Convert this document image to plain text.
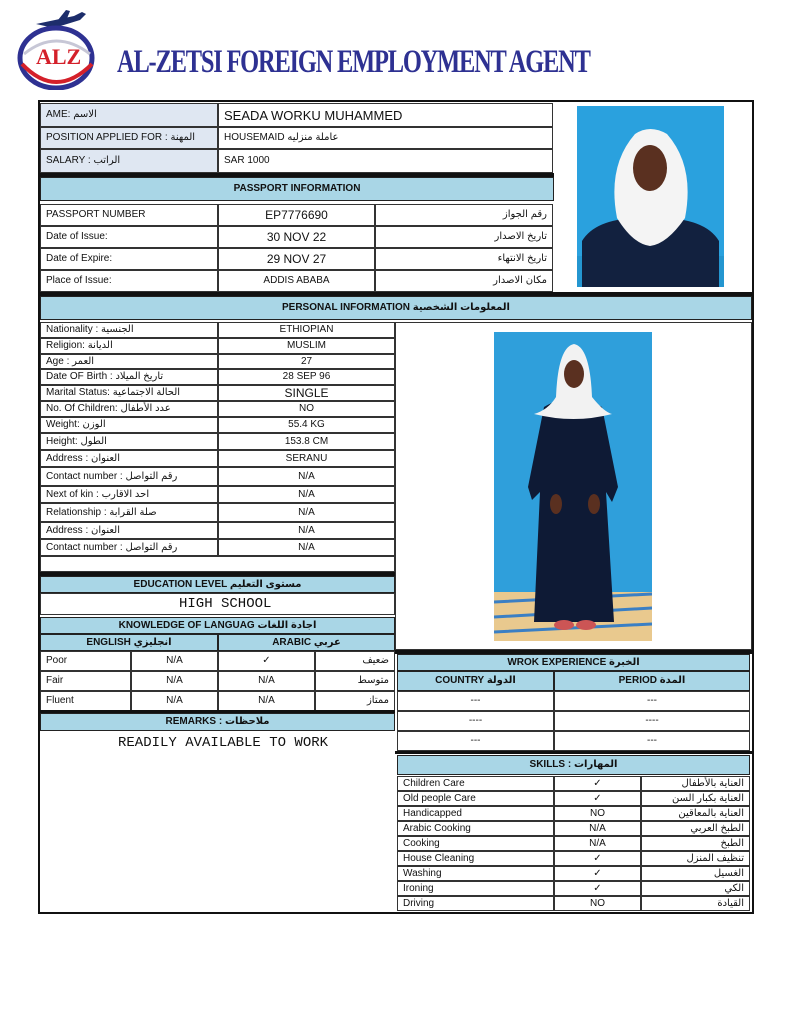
ALZ AL-ZETSI FOREIGN EMPLOYMENT AGENT
AME: الاسم	SEADA WORKU MUHAMMED
POSITION APPLIED FOR : المهنة	HOUSEMAID عاملة منزليه
SALARY : الراتب	SAR 1000
PASSPORT INFORMATION
PASSPORT NUMBER	EP7776690	رقم الجواز
Date of Issue:	30 NOV 22	تاريخ الاصدار
Date of Expire:	29 NOV 27	تاريخ الانتهاء
Place of Issue:	ADDIS ABABA	مكان الاصدار
PERSONAL INFORMATION المعلومات الشخصية
Nationality : الجنسية	ETHIOPIAN
Religion: الديانة	MUSLIM
Age : العمر	27
Date OF Birth : تاريخ الميلاد	28 SEP 96
Marital Status: الحالة الاجتماعية	SINGLE
No. Of Children: عدد الأطفال	NO
Weight: الوزن	55.4 KG
Height: الطول	153.8 CM
Address : العنوان	SERANU
Contact number : رقم التواصل	N/A
Next of kin : احد الاقارب	N/A
Relationship : صلة القرابة	N/A
Address : العنوان	N/A
Contact number : رقم التواصل	N/A
EDUCATION LEVEL مستوى التعليم
HIGH SCHOOL
KNOWLEDGE OF LANGUAG اجادة اللغات
ENGLISH انجليزي	ARABIC عربي
Poor	N/A	✓	ضعيف
Fair	N/A	N/A	متوسط
Fluent	N/A	N/A	ممتاز
REMARKS : ملاحظات
READILY AVAILABLE TO WORK
WROK EXPERIENCE الخبرة
COUNTRY الدولة	PERIOD المدة
---	---
----	----
---	---
SKILLS : المهارات
Children Care	✓	العناية بالأطفال
Old people Care	✓	العناية بكبار السن
Handicapped	NO	العناية بالمعاقين
Arabic Cooking	N/A	الطبخ العربي
Cooking	N/A	الطبخ
House Cleaning	✓	تنظيف المنزل
Washing	✓	الغسيل
Ironing	✓	الكي
Driving	NO	القيادة
